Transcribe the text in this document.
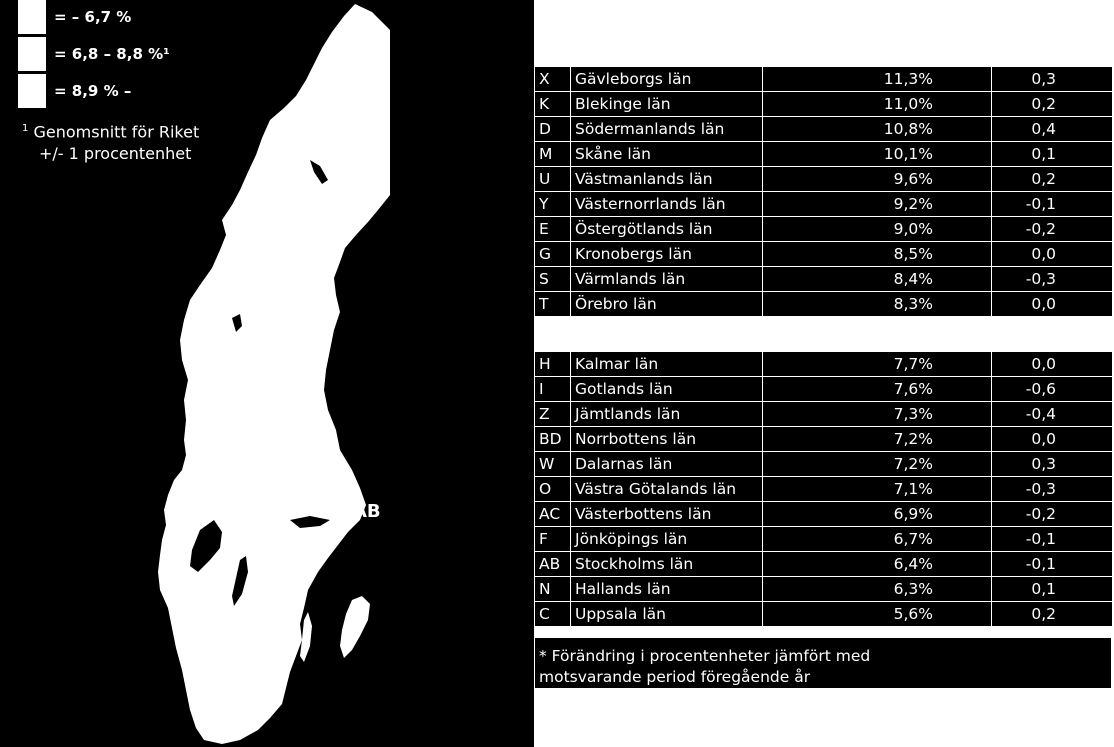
= – 6,7 %
= 6,8 – 8,8 %¹
= 8,9 % –
$^1$ Genomsnitt för Riket
+/- 1 procentenhet
AB
X	Gävleborgs län	11,3%	0,3
K	Blekinge län	11,0%	0,2
D	Södermanlands län	10,8%	0,4
M	Skåne län	10,1%	0,1
U	Västmanlands län	9,6%	0,2
Y	Västernorrlands län	9,2%	-0,1
E	Östergötlands län	9,0%	-0,2
G	Kronobergs län	8,5%	0,0
S	Värmlands län	8,4%	-0,3
T	Örebro län	8,3%	0,0
H	Kalmar län	7,7%	0,0
I	Gotlands län	7,6%	-0,6
Z	Jämtlands län	7,3%	-0,4
BD	Norrbottens län	7,2%	0,0
W	Dalarnas län	7,2%	0,3
O	Västra Götalands län	7,1%	-0,3
AC	Västerbottens län	6,9%	-0,2
F	Jönköpings län	6,7%	-0,1
AB	Stockholms län	6,4%	-0,1
N	Hallands län	6,3%	0,1
C	Uppsala län	5,6%	0,2
* Förändring i procentenheter jämfört med
motsvarande period föregående år
